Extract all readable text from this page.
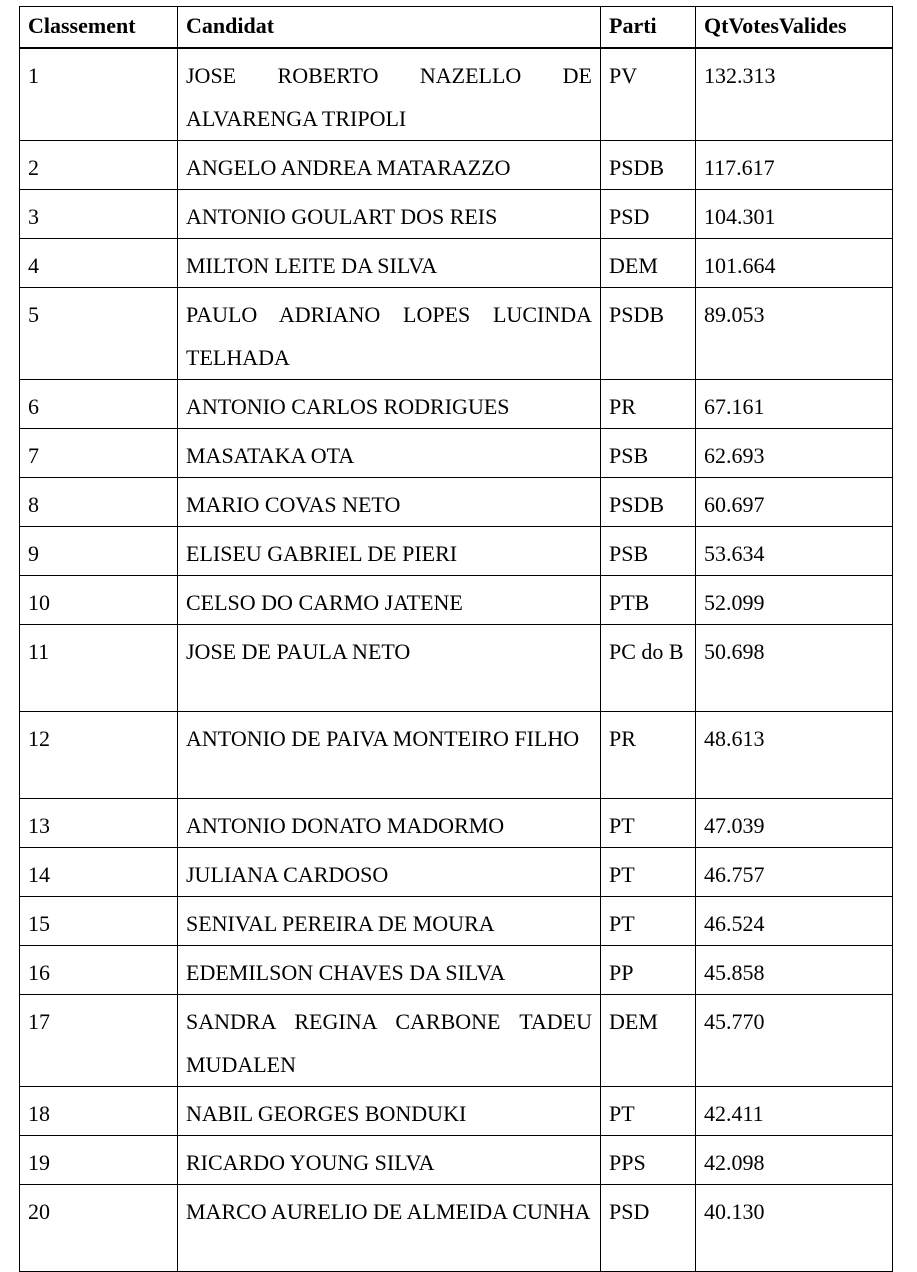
Classement	Candidat	Parti	QtVotesValides
1	JOSE ROBERTO NAZELLO DE ALVARENGA TRIPOLI	PV	132.313
2	ANGELO ANDREA MATARAZZO	PSDB	117.617
3	ANTONIO GOULART DOS REIS	PSD	104.301
4	MILTON LEITE DA SILVA	DEM	101.664
5	PAULO ADRIANO LOPES LUCINDA TELHADA	PSDB	89.053
6	ANTONIO CARLOS RODRIGUES	PR	67.161
7	MASATAKA OTA	PSB	62.693
8	MARIO COVAS NETO	PSDB	60.697
9	ELISEU GABRIEL DE PIERI	PSB	53.634
10	CELSO DO CARMO JATENE	PTB	52.099
11	JOSE DE PAULA NETO	PC do B	50.698
12	ANTONIO DE PAIVA MONTEIRO FILHO	PR	48.613
13	ANTONIO DONATO MADORMO	PT	47.039
14	JULIANA CARDOSO	PT	46.757
15	SENIVAL PEREIRA DE MOURA	PT	46.524
16	EDEMILSON CHAVES DA SILVA	PP	45.858
17	SANDRA REGINA CARBONE TADEU MUDALEN	DEM	45.770
18	NABIL GEORGES BONDUKI	PT	42.411
19	RICARDO YOUNG SILVA	PPS	42.098
20	MARCO AURELIO DE ALMEIDA CUNHA	PSD	40.130
